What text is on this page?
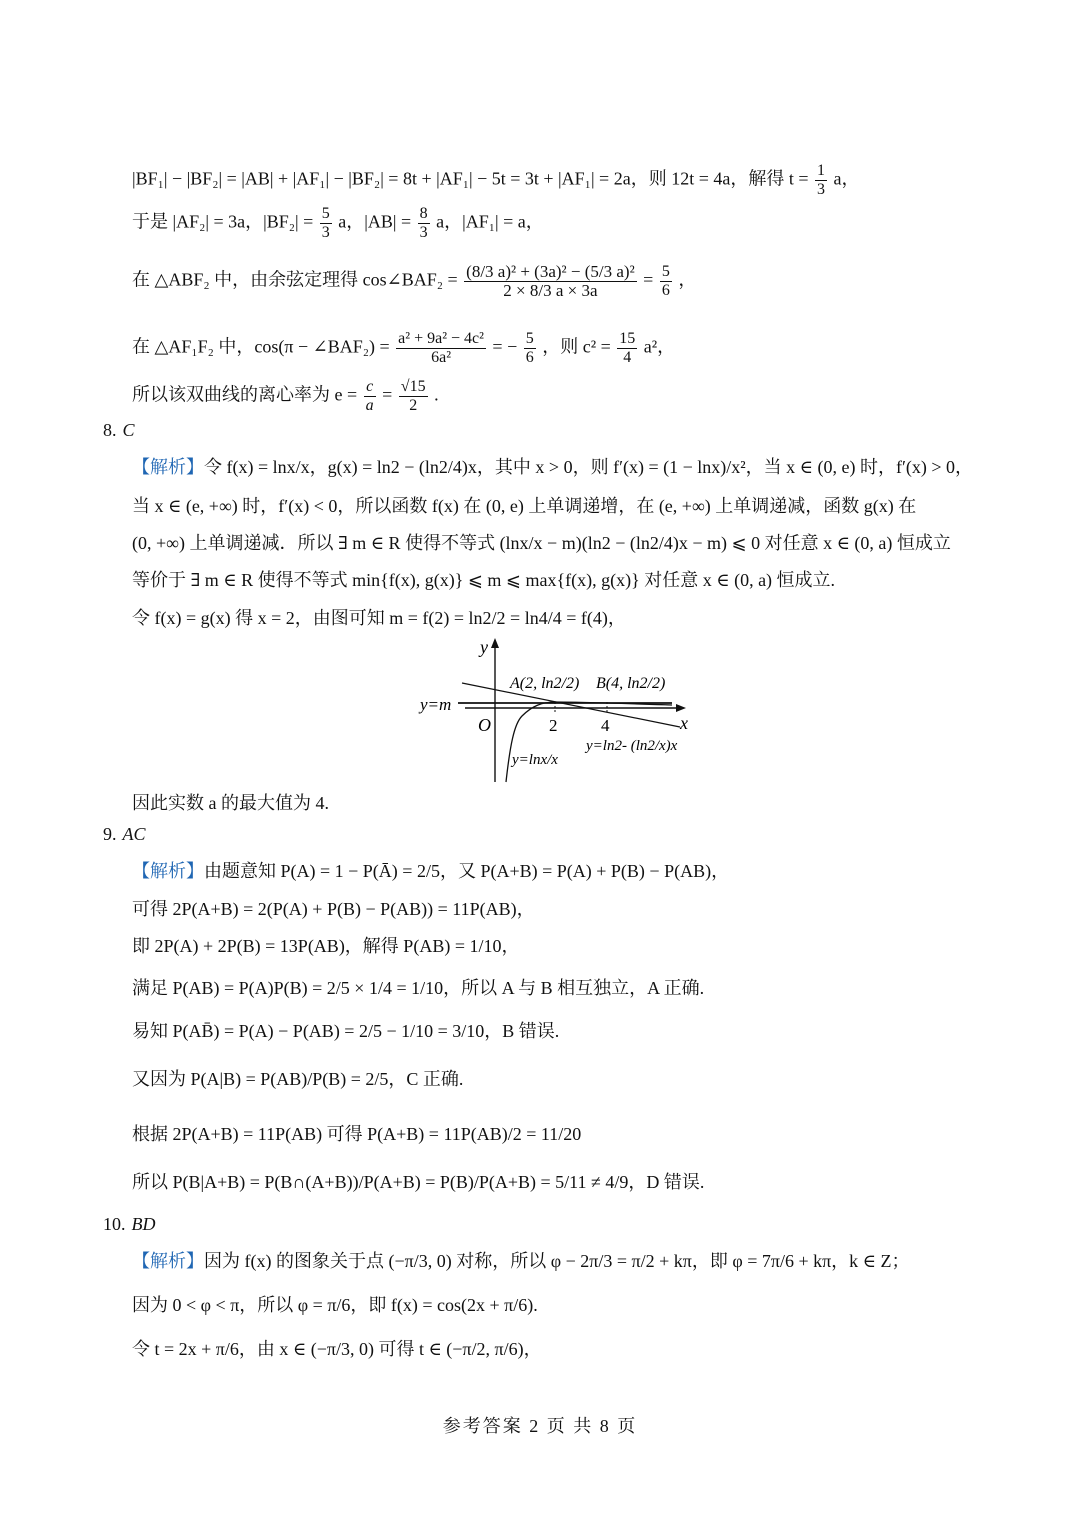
|BF₁| − |BF₂| = |AB| + |AF₁| − |BF₂| = 8t + |AF₁| − 5t = 3t + |AF₁| = 2a，则 12t = 4a，解得 $t = \frac{1}{3}$ a，
于是 |AF₂| = 3a，$|BF_2| = \frac{5}{3}$ a，$|AB| = \frac{8}{3}$ a，|AF₁| = a，
在 △ABF₂ 中，由余弦定理得 cos∠BAF₂ = $\frac{\text{(8/3 a)² + (3a)² − (5/3 a)²}}{2 \times 8/3 a \times 3a} = \frac{5}{6}$ ，
在 △AF₁F₂ 中，cos(π − ∠BAF₂) = $\frac{\text{a² + 9a² − 4c²}}{\text{6a²}}$ = − $\frac{5}{6}$ ，则 $c^2 = \frac{15}{4} a^2$，
所以该双曲线的离心率为 $e = \frac{c}{a} = \frac{√15}{2}$ .
8. C
【解析】令 f(x) = lnx/x，g(x) = ln2 − (ln2/4)x，其中 x > 0，则 f′(x) = (1 − lnx)/x²，当 x ∈ (0, e) 时，f′(x) > 0，
当 x ∈ (e, +∞) 时，f′(x) < 0，所以函数 f(x) 在 (0, e) 上单调递增，在 (e, +∞) 上单调递减，函数 g(x) 在
(0, +∞) 上单调递减．所以 ∃ m ∈ R 使得不等式 (lnx/x − m)(ln2 − (ln2/4)x − m) ⩽ 0 对任意 x ∈ (0, a) 恒成立
等价于 ∃ m ∈ R 使得不等式 min{f(x), g(x)} ⩽ m ⩽ max{f(x), g(x)} 对任意 x ∈ (0, a) 恒成立.
令 f(x) = g(x) 得 x = 2，由图可知 m = f(2) = ln2/2 = ln4/4 = f(4)，
y
x
O	2	4
y=m
A(2, ln2/2) B(4, ln2/2)
y=lnx/x
y=ln2- (ln2/x)x
因此实数 a 的最大值为 4.
9. AC
【解析】由题意知 P(A) = 1 − P(Ā) = 2/5，又 P(A+B) = P(A) + P(B) − P(AB)，
可得 2P(A+B) = 2(P(A) + P(B) − P(AB)) = 11P(AB)，
即 2P(A) + 2P(B) = 13P(AB)，解得 P(AB) = 1/10，
满足 P(AB) = P(A)P(B) = 2/5 × 1/4 = 1/10，所以 A 与 B 相互独立，A 正确.
易知 P(AB̄) = P(A) − P(AB) = 2/5 − 1/10 = 3/10，B 错误.
又因为 P(A|B) = P(AB)/P(B) = 2/5，C 正确.
根据 2P(A+B) = 11P(AB) 可得 P(A+B) = 11P(AB)/2 = 11/20
所以 P(B|A+B) = P(B∩(A+B))/P(A+B) = P(B)/P(A+B) = 5/11 ≠ 4/9，D 错误.
10. BD
【解析】因为 f(x) 的图象关于点 (−π/3, 0) 对称，所以 φ − 2π/3 = π/2 + kπ，即 φ = 7π/6 + kπ，k ∈ Z；
因为 0 < φ < π，所以 φ = π/6，即 f(x) = cos(2x + π/6).
令 t = 2x + π/6，由 x ∈ (−π/3, 0) 可得 t ∈ (−π/2, π/6)，
参考答案 2 页 共 8 页
